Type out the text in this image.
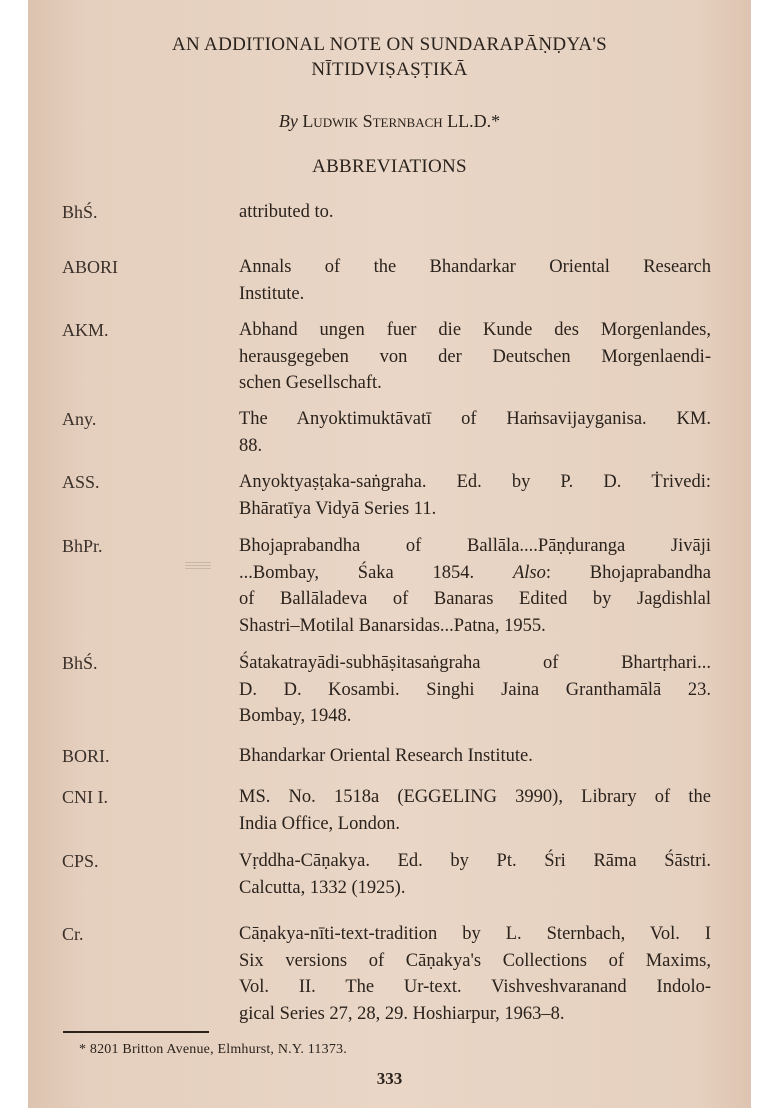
AN ADDITIONAL NOTE ON SUNDARAPĀṆḌYA'S
NĪTIDVIṢAṢṬIKĀ
By Ludwik Sternbach LL.D.*
ABBREVIATIONS
BhŚ.	attributed to.
ABORI	Annals of the Bhandarkar Oriental Research
Institute.
AKM.	Abhand ungen fuer die Kunde des Morgenlandes,
herausgegeben von der Deutschen Morgenlaendi-
schen Gesellschaft.
Any.	The Anyoktimuktāvatī of Haṁsavijayganisa. KM.
88.
ASS.	Anyoktyaṣṭaka-saṅgraha. Ed. by P. D. Ṫrivedi:
Bhāratīya Vidyā Series 11.
BhPr.	Bhojaprabandha of Ballāla....Pāṇḍuranga Jivāji
...Bombay, Śaka 1854. Also: Bhojaprabandha
of Ballāladeva of Banaras Edited by Jagdishlal
Shastri–Motilal Banarsidas...Patna, 1955.
BhŚ.	Śatakatrayādi-subhāṣitasaṅgraha of Bhartṛhari...
D. D. Kosambi. Singhi Jaina Granthamālā 23.
Bombay, 1948.
BORI.	Bhandarkar Oriental Research Institute.
CNI I.	MS. No. 1518a (EGGELING 3990), Library of the
India Office, London.
CPS.	Vṛddha-Cāṇakya. Ed. by Pt. Śri Rāma Śāstri.
Calcutta, 1332 (1925).
Cr.	Cāṇakya-nīti-text-tradition by L. Sternbach, Vol. I
Six versions of Cāṇakya's Collections of Maxims,
Vol. II. The Ur-text. Vishveshvaranand Indolo-
gical Series 27, 28, 29. Hoshiarpur, 1963–8.
* 8201 Britton Avenue, Elmhurst, N.Y. 11373.
333
